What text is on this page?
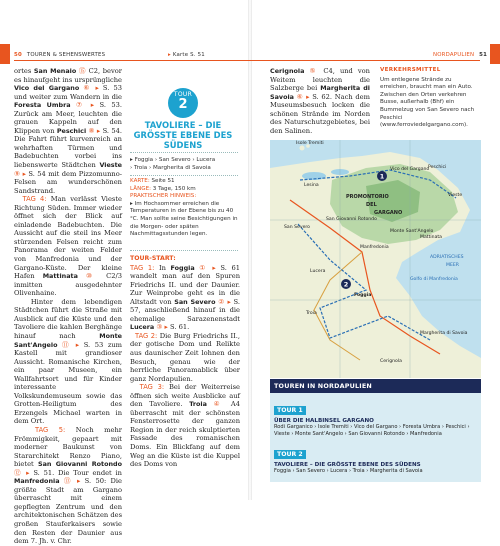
50 TOUREN & SEHENSWERTES	▸ Karte S. 51
ortes San Menaio ⑮ C2, bevor es hinaufgeht ins ursprüngliche Vico del Gargano ⑥ ▸ S. 53 und weiter zum Wandern in die Foresta Umbra ⑦ ▸ S. 53. Zurück am Meer, leuchten die grauen Kappeln auf den Klippen von Peschici ⑧ ▸ S. 54. Die Fahrt führt kurvenreich an wehrhaften Türmen und Badebuchten vorbei ins liebenswerte Städtchen Vieste ⑨ ▸ S. 54 mit dem Pizzomunno-Felsen am wunderschönen Sandstrand.
TAG 4: Man verlässt Vieste Richtung Süden. Immer wieder öffnet sich der Blick auf einladende Badebuchten. Die Aussicht auf die steil ins Meer stürzenden Felsen reicht zum Panorama der weiten Felder von Manfredonia und der Gargano-Küste. Der kleine Hafen Mattinata ⑩ C2/3 inmitten ausgedehnter Olivenhaine.
Hinter dem lebendigen Städtchen führt die Straße mit Ausblick auf die Küste und den Tavoliere die kahlen Berghänge hinauf nach Monte Sant'Angelo ⑪ ▸ S. 53 zum Kastell mit grandioser Aussicht. Romanische Kirchen, ein paar Museen, ein Wallfahrtsort und für Kinder interessante Volkskundemuseum sowie das Grotten-Heiligtum des Erzengels Michael warten in dem Ort.
TAG 5: Noch mehr Frömmigkeit, gepaart mit moderner Baukunst von Stararchitekt Renzo Piano, bietet San Giovanni Rotondo ⑫ ▸ S. 51. Die Tour endet in Manfredonia ⑬ ▸ S. 50: Die größte Stadt am Gargano überrascht mit einem gepflegten Zentrum und den architektonischen Schätzen des großen Stauferkaisers sowie den Resten der Daunier aus dem 7. Jh. v. Chr.
TOUR
2
TAVOLIERE – DIE GRÖSSTE EBENE DES SÜDENS
▸ Foggia › San Severo › Lucera
› Troia › Margherita di Savoia
KARTE: Seite 51
LÄNGE: 3 Tage, 150 km
PRAKTISCHER HINWEIS:
▸ Im Hochsommer erreichen die Temperaturen in der Ebene bis zu 40 °C. Man sollte seine Besichtigungen in die Morgen- oder späten Nachmittagsstunden legen.
TOUR-START:
TAG 1: In Foggia ① ▸ S. 61 wandelt man auf den Spuren Friedrichs II. und der Daunier. Zur Weinprobe geht es in die Altstadt von San Severo ② ▸ S. 57, anschließend hinauf in die ehemalige Sarazenenstadt Lucera ③ ▸ S. 61.
TAG 2: Die Burg Friedrichs II., der gotische Dom und Relikte aus daunischer Zeit lohnen den Besuch, genau wie der herrliche Panoramablick über ganz Nordapulien.
TAG 3: Bei der Weiterreise öffnen sich weite Ausblicke auf den Tavoliere. Troia ④ A4 überrascht mit der schönsten Fensterrosette der ganzen Region in der reich skulptierten Fassade des romanischen Doms. Ein Blickfang auf dem Weg an die Küste ist die Kuppel des Doms von
NORDAPULIEN 51
Cerignola ⑤ C4, und von Weitem leuchten die Salzberge bei Margherita di Savoia ⑥ ▸ S. 62. Nach dem Museumsbesuch locken die schönen Strände im Norden des Naturschutzgebietes, bei den Salinen.
VERKEHRSMITTEL
Um entlegene Strände zu erreichen, braucht man ein Auto. Zwischen den Orten verkehren Busse, außerhalb (Bhf) ein Bummelzug von San Severo nach Peschici (www.ferroviedelgargano.com).
1
2
Isole Tremiti
Lesina
Peschici
Vieste
Vico del Gargano
PROMONTORIO
DEL
GARGANO
San Giovanni Rotondo
Monte Sant'Angelo
Manfredonia
Mattinata
San Severo
Lucera
Foggia
Troia
Cerignola
Margherita di Savoia
ADRIATISCHES
MEER
Golfo di Manfredonia
TOUREN IN NORDAPULIEN
TOUR 1
ÜBER DIE HALBINSEL GARGANO
Rodi Garganico › Isole Tremiti › Vico del Gargano › Foresta Umbra › Peschici › Vieste › Monte Sant'Angelo › San Giovanni Rotondo › Manfredonia
TOUR 2
TAVOLIERE – DIE GRÖSSTE EBENE DES SÜDENS
Foggia › San Severo › Lucera › Troia › Margherita di Savoia
